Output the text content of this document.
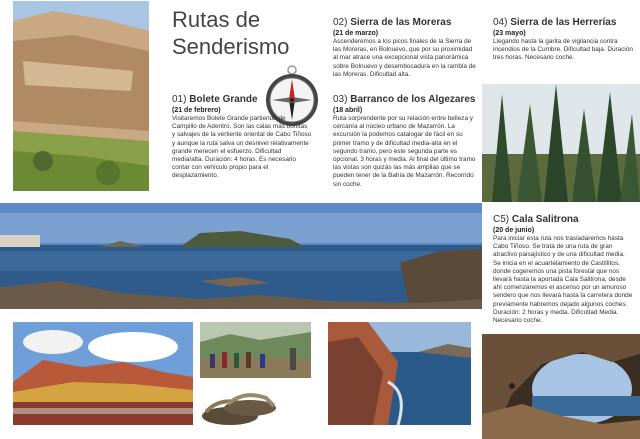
Rutas de
Senderismo

01) Bolete Grande

(21 de febrero)

Visitaremos Bolete Grande partiendo de Campillo de Adentro. Son las calas más bonitas y salvajes de la vertiente oriental de Cabo Tiñoso y aunque la ruta salva un desnivel relativamente grande merecen el esfuerzo. Dificultad media/alta. Duración: 4 horas. Es necesario contar con vehículo propio para el desplazamiento.

02) Sierra de las Moreras

(21 de marzo)

Ascenderemos a los picos finales de la Sierra de las Moreras, en Bolnuevo, que por su proximidad al mar atrace una excepcional vista panorámica sobre Bolnuevo y desembocadura en la rambla de las Moreras. Dificultad alta.

03) Barranco de los Algezares

(18 abril)

Ruta sorprendente por su relación entre belleza y cercanía al núcleo urbano de Mazarrón. La excursión la podemos catalogar de fácil en su primer tramo y de dificultad media-alta en el segundo tramo, pero este segunda parte es opcional. 3 horas y media. Al final del último tramo las vistas son quizás las más amplias que se pueden tener de la Bahía de Mazarrón. Recorrido sin coche.

04) Sierra de las Herrerías

(23 mayo)

Llegando hasta la garita de vigilancia contra incendios de la Cumbre. Dificultad baja. Duración tres horas. Necesario coche.

C5) Cala Salitrona

(20 de junio)

Para iniciar esta ruta nos trasladaremos hasta Cabo Tiñoso. Se trata de una ruta de gran atractivo paisajístico y de una dificultad media. Se inicia en el acuartelamiento de Castillitos, donde cogeremos una pista forestal que nos llevará hasta la aportada Cala Salitrona, desde ahí comenzaremos el ascenso por un amuroso sendero que nos llevará hasta la carretera donde previamente habremos dejado algunos coches. Duración: 2 horas y media. Dificultad Media. Necesario coche.
